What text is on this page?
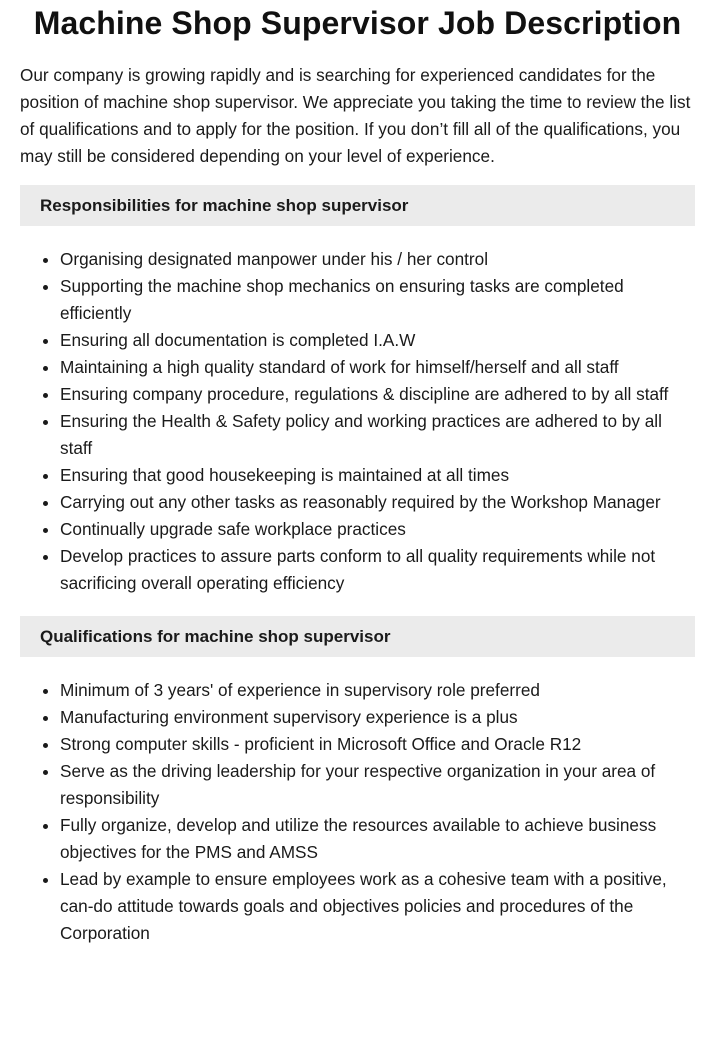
Machine Shop Supervisor Job Description

Our company is growing rapidly and is searching for experienced candidates for the position of machine shop supervisor. We appreciate you taking the time to review the list of qualifications and to apply for the position. If you don’t fill all of the qualifications, you may still be considered depending on your level of experience.

Responsibilities for machine shop supervisor
• Organising designated manpower under his / her control
• Supporting the machine shop mechanics on ensuring tasks are completed efficiently
• Ensuring all documentation is completed I.A.W
• Maintaining a high quality standard of work for himself/herself and all staff
• Ensuring company procedure, regulations & discipline are adhered to by all staff
• Ensuring the Health & Safety policy and working practices are adhered to by all staff
• Ensuring that good housekeeping is maintained at all times
• Carrying out any other tasks as reasonably required by the Workshop Manager
• Continually upgrade safe workplace practices
• Develop practices to assure parts conform to all quality requirements while not sacrificing overall operating efficiency
Qualifications for machine shop supervisor
• Minimum of 3 years' of experience in supervisory role preferred
• Manufacturing environment supervisory experience is a plus
• Strong computer skills - proficient in Microsoft Office and Oracle R12
• Serve as the driving leadership for your respective organization in your area of responsibility
• Fully organize, develop and utilize the resources available to achieve business objectives for the PMS and AMSS
• Lead by example to ensure employees work as a cohesive team with a positive, can-do attitude towards goals and objectives policies and procedures of the Corporation
